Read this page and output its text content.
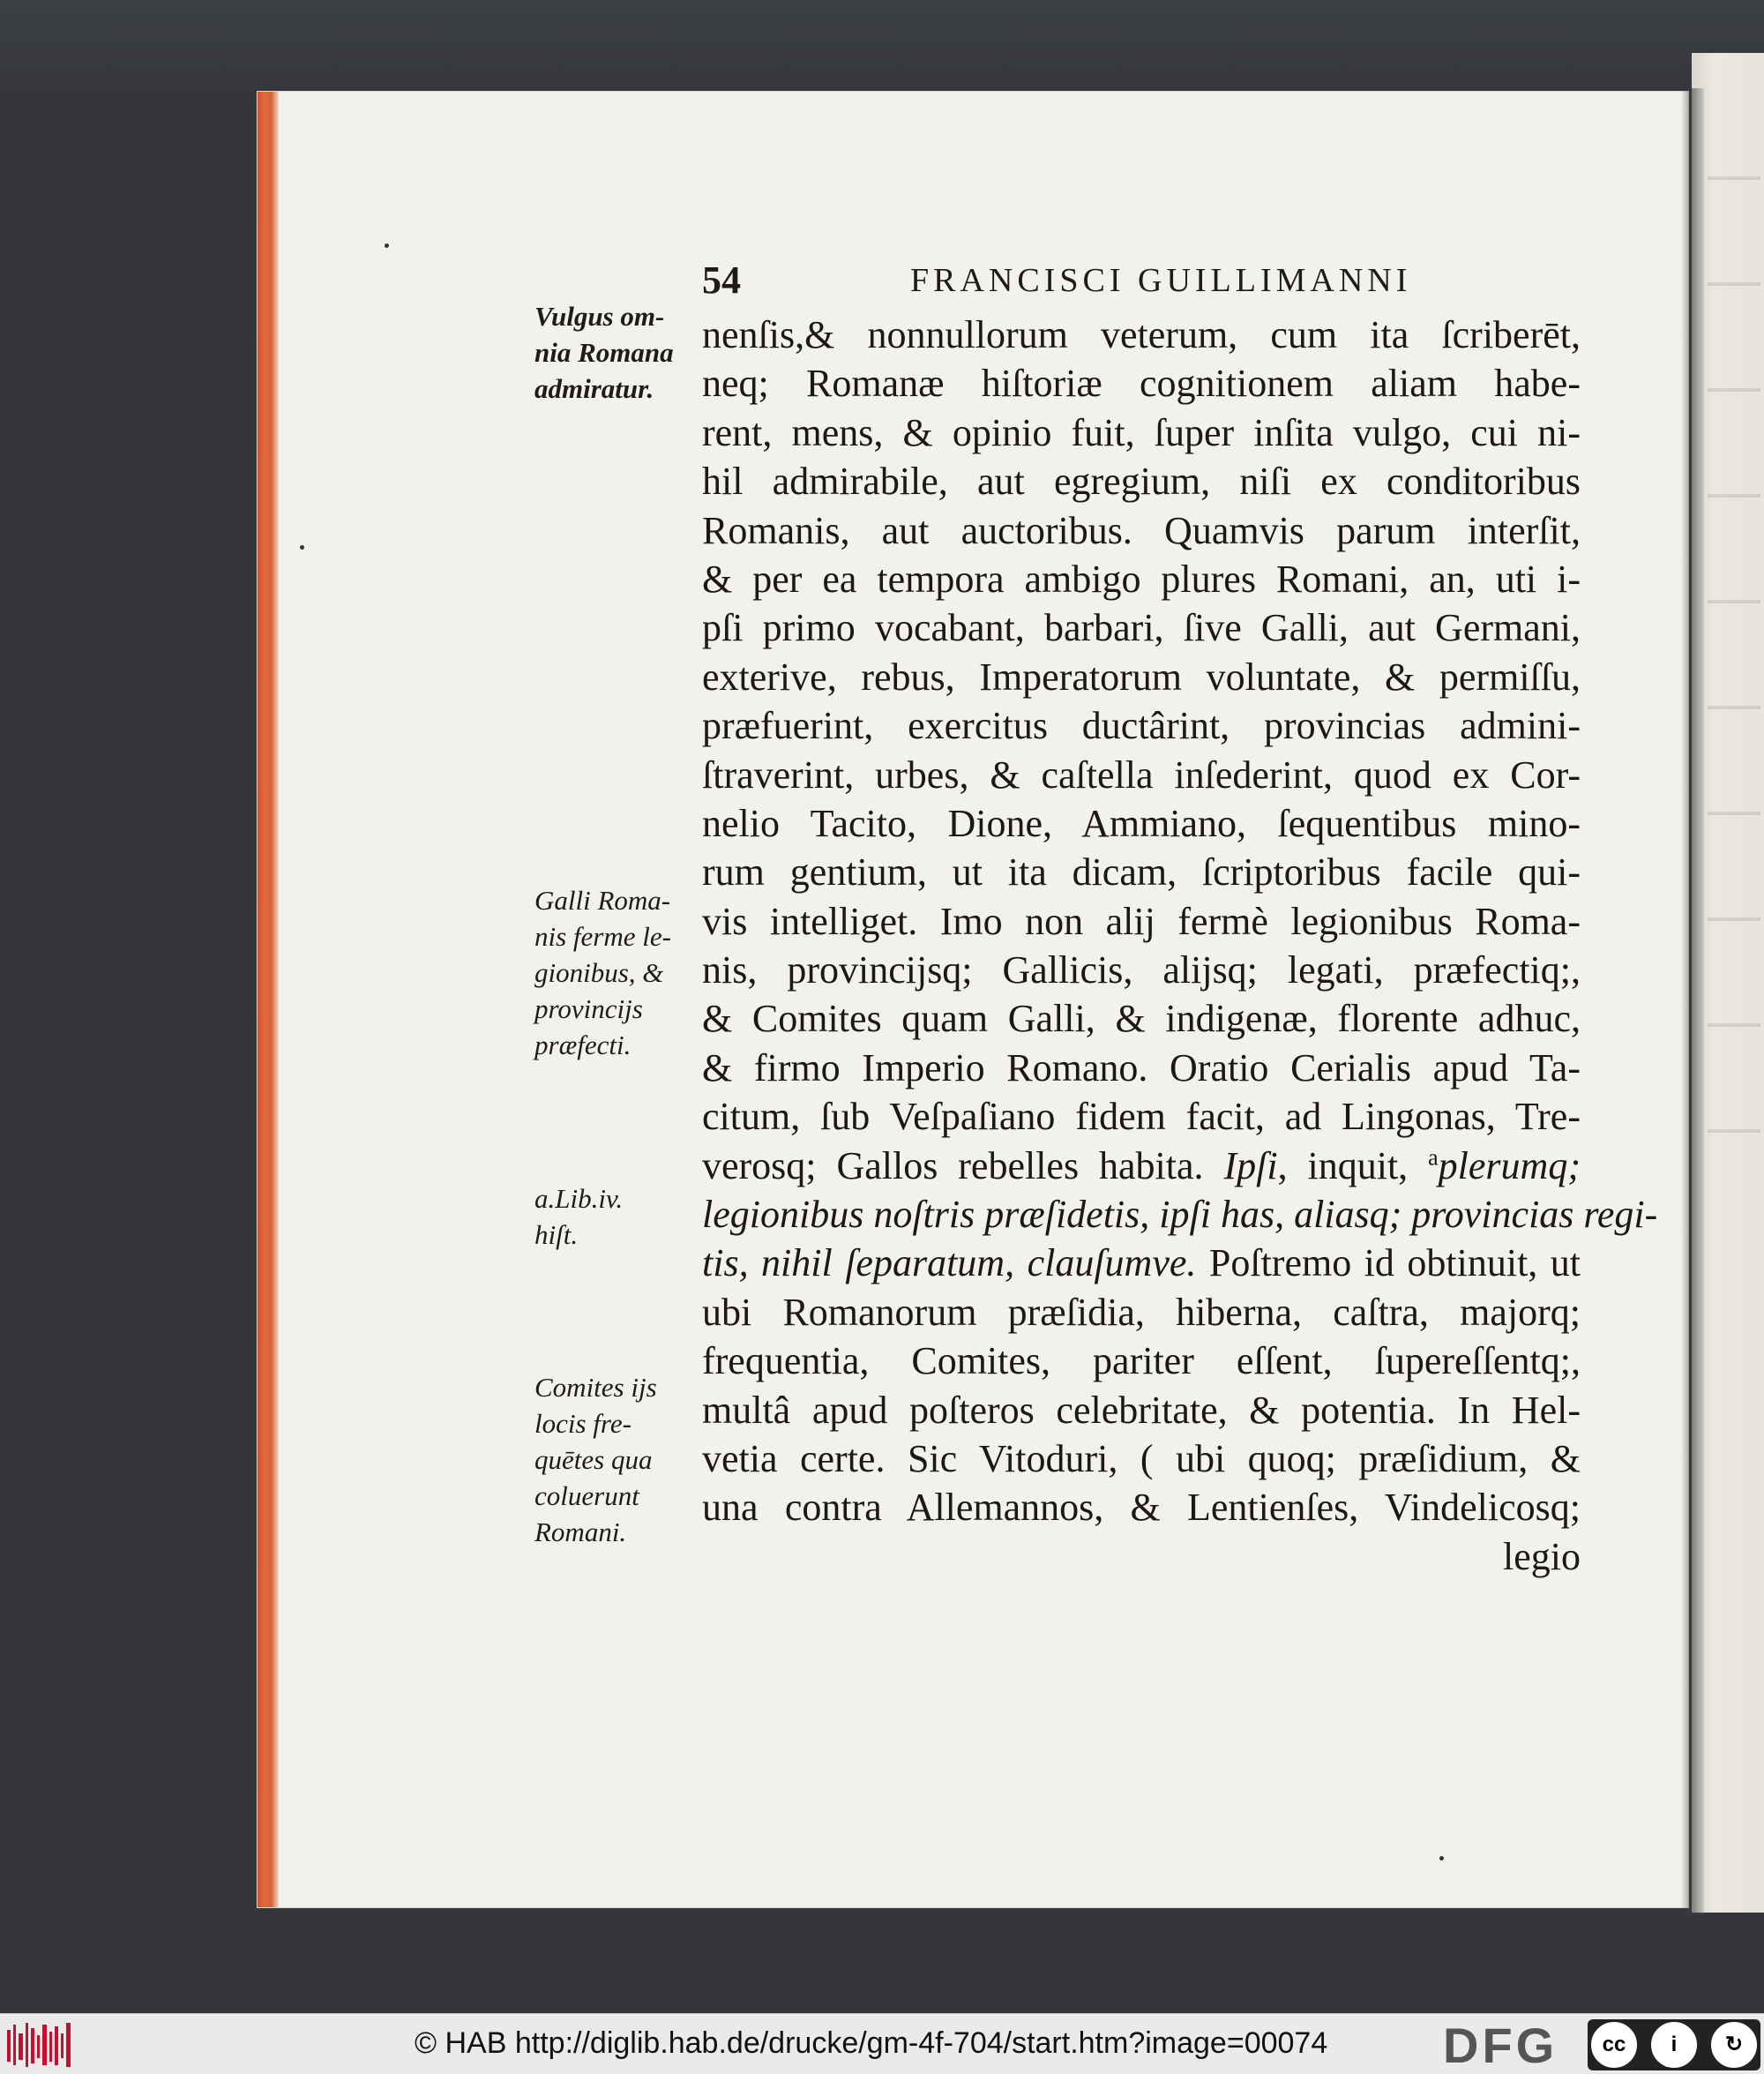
54	FRANCISCI GUILLIMANNI
nenſis,& nonnullorum veterum, cum ita ſcriberēt,
neq; Romanæ hiſtoriæ cognitionem aliam habe-
rent, mens, & opinio fuit, ſuper inſita vulgo, cui ni-
hil admirabile, aut egregium, niſi ex conditoribus
Romanis, aut auctoribus. Quamvis parum interſit,
& per ea tempora ambigo plures Romani, an, uti i-
pſi primo vocabant, barbari, ſive Galli, aut Germani,
exterive, rebus, Imperatorum voluntate, & permiſſu,
præfuerint, exercitus ductârint, provincias admini-
ſtraverint, urbes, & caſtella inſederint, quod ex Cor-
nelio Tacito, Dione, Ammiano, ſequentibus mino-
rum gentium, ut ita dicam, ſcriptoribus facile qui-
vis intelliget. Imo non alij fermè legionibus Roma-
nis, provincijsq; Gallicis, alijsq; legati, præfectiq;,
& Comites quam Galli, & indigenæ, florente adhuc,
& firmo Imperio Romano. Oratio Cerialis apud Ta-
citum, ſub Veſpaſiano fidem facit, ad Lingonas, Tre-
verosq; Gallos rebelles habita. Ipſi, inquit, $^a$plerumq;
legionibus noſtris præſidetis, ipſi has, aliasq; provincias regi-
tis, nihil ſeparatum, clauſumve. Poſtremo id obtinuit, ut
ubi Romanorum præſidia, hiberna, caſtra, majorq;
frequentia, Comites, pariter eſſent, ſupereſſentq;,
multâ apud poſteros celebritate, & potentia. In Hel-
vetia certe. Sic Vitoduri, ( ubi quoq; præſidium, &
una contra Allemannos, & Lentienſes, Vindelicosq;
legio
Vulgus om-
nia Romana
admiratur.
Galli Roma-
nis ferme le-
gionibus, &
provincijs
præfecti.
a.Lib.iv.
hiſt.
Comites ijs
locis fre-
quētes qua
coluerunt
Romani.
© HAB http://diglib.hab.de/drucke/gm-4f-704/start.htm?image=00074 DFG	cc	i	↻
BY	SA
